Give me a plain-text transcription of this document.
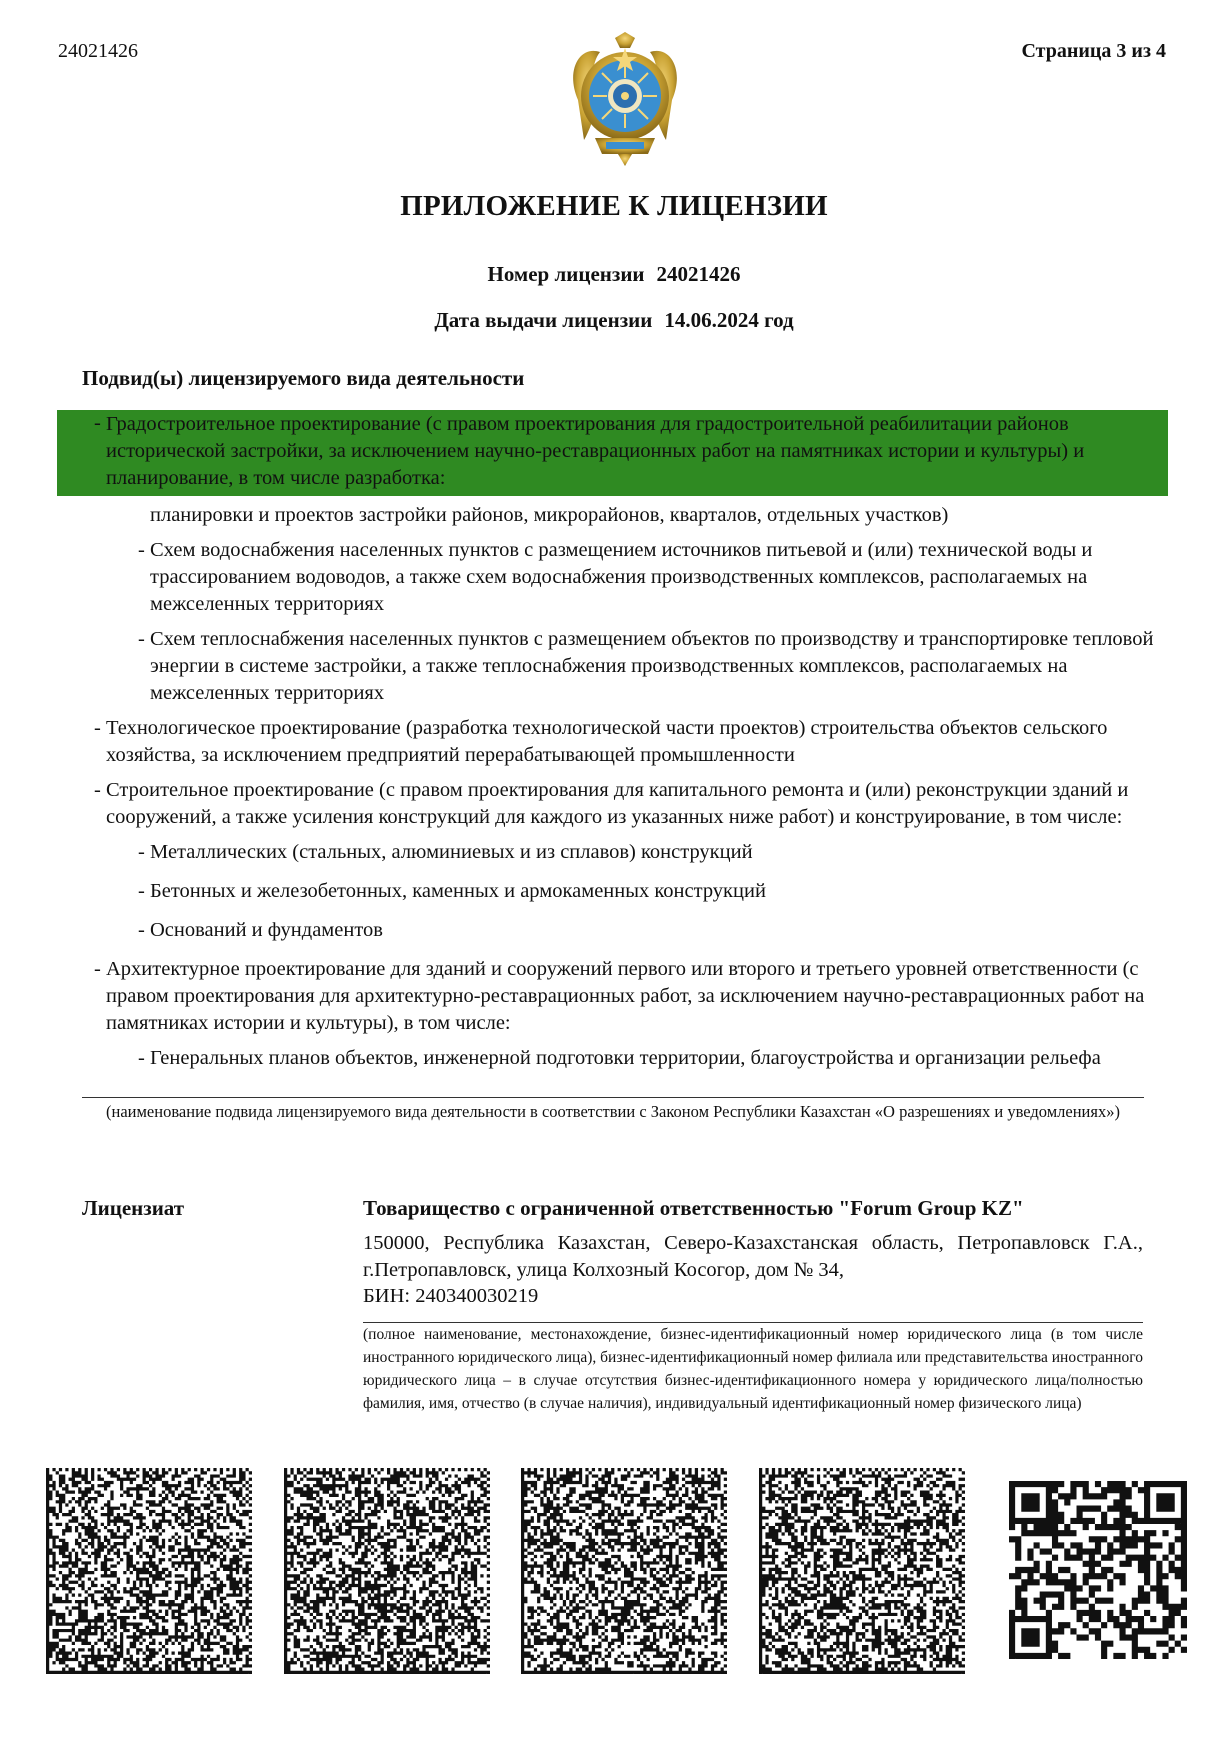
24021426	Страница 3 из 4
ПРИЛОЖЕНИЕ К ЛИЦЕНЗИИ
Номер лицензии 24021426
Дата выдачи лицензии 14.06.2024 год
Подвид(ы) лицензируемого вида деятельности
- Градостроительное проектирование (с правом проектирования для градостроительной реабилитации районов исторической застройки, за исключением научно-реставрационных работ на памятниках истории и культуры) и планирование, в том числе разработка:
планировки и проектов застройки районов, микрорайонов, кварталов, отдельных участков)
- Схем водоснабжения населенных пунктов с размещением источников питьевой и (или) технической воды и трассированием водоводов, а также схем водоснабжения производственных комплексов, располагаемых на межселенных территориях
- Схем теплоснабжения населенных пунктов с размещением объектов по производству и транспортировке тепловой энергии в системе застройки, а также теплоснабжения производственных комплексов, располагаемых на межселенных территориях
- Технологическое проектирование (разработка технологической части проектов) строительства объектов сельского хозяйства, за исключением предприятий перерабатывающей промышленности
- Строительное проектирование (с правом проектирования для капитального ремонта и (или) реконструкции зданий и сооружений, а также усиления конструкций для каждого из указанных ниже работ) и конструирование, в том числе:
- Металлических (стальных, алюминиевых и из сплавов) конструкций
- Бетонных и железобетонных, каменных и армокаменных конструкций
- Оснований и фундаментов
- Архитектурное проектирование для зданий и сооружений первого или второго и третьего уровней ответственности (с правом проектирования для архитектурно-реставрационных работ, за исключением научно-реставрационных работ на памятниках истории и культуры), в том числе:
- Генеральных планов объектов, инженерной подготовки территории, благоустройства и организации рельефа
(наименование подвида лицензируемого вида деятельности в соответствии с Законом Республики Казахстан «О разрешениях и уведомлениях»)
Лицензиат	Товарищество с ограниченной ответственностью "Forum Group KZ"
150000, Республика Казахстан, Северо-Казахстанская область, Петропавловск Г.А., г.Петропавловск, улица Колхозный Косогор, дом № 34,
БИН: 240340030219
(полное наименование, местонахождение, бизнес-идентификационный номер юридического лица (в том числе иностранного юридического лица), бизнес-идентификационный номер филиала или представительства иностранного юридического лица – в случае отсутствия бизнес-идентификационного номера у юридического лица/полностью фамилия, имя, отчество (в случае наличия), индивидуальный идентификационный номер физического лица)
